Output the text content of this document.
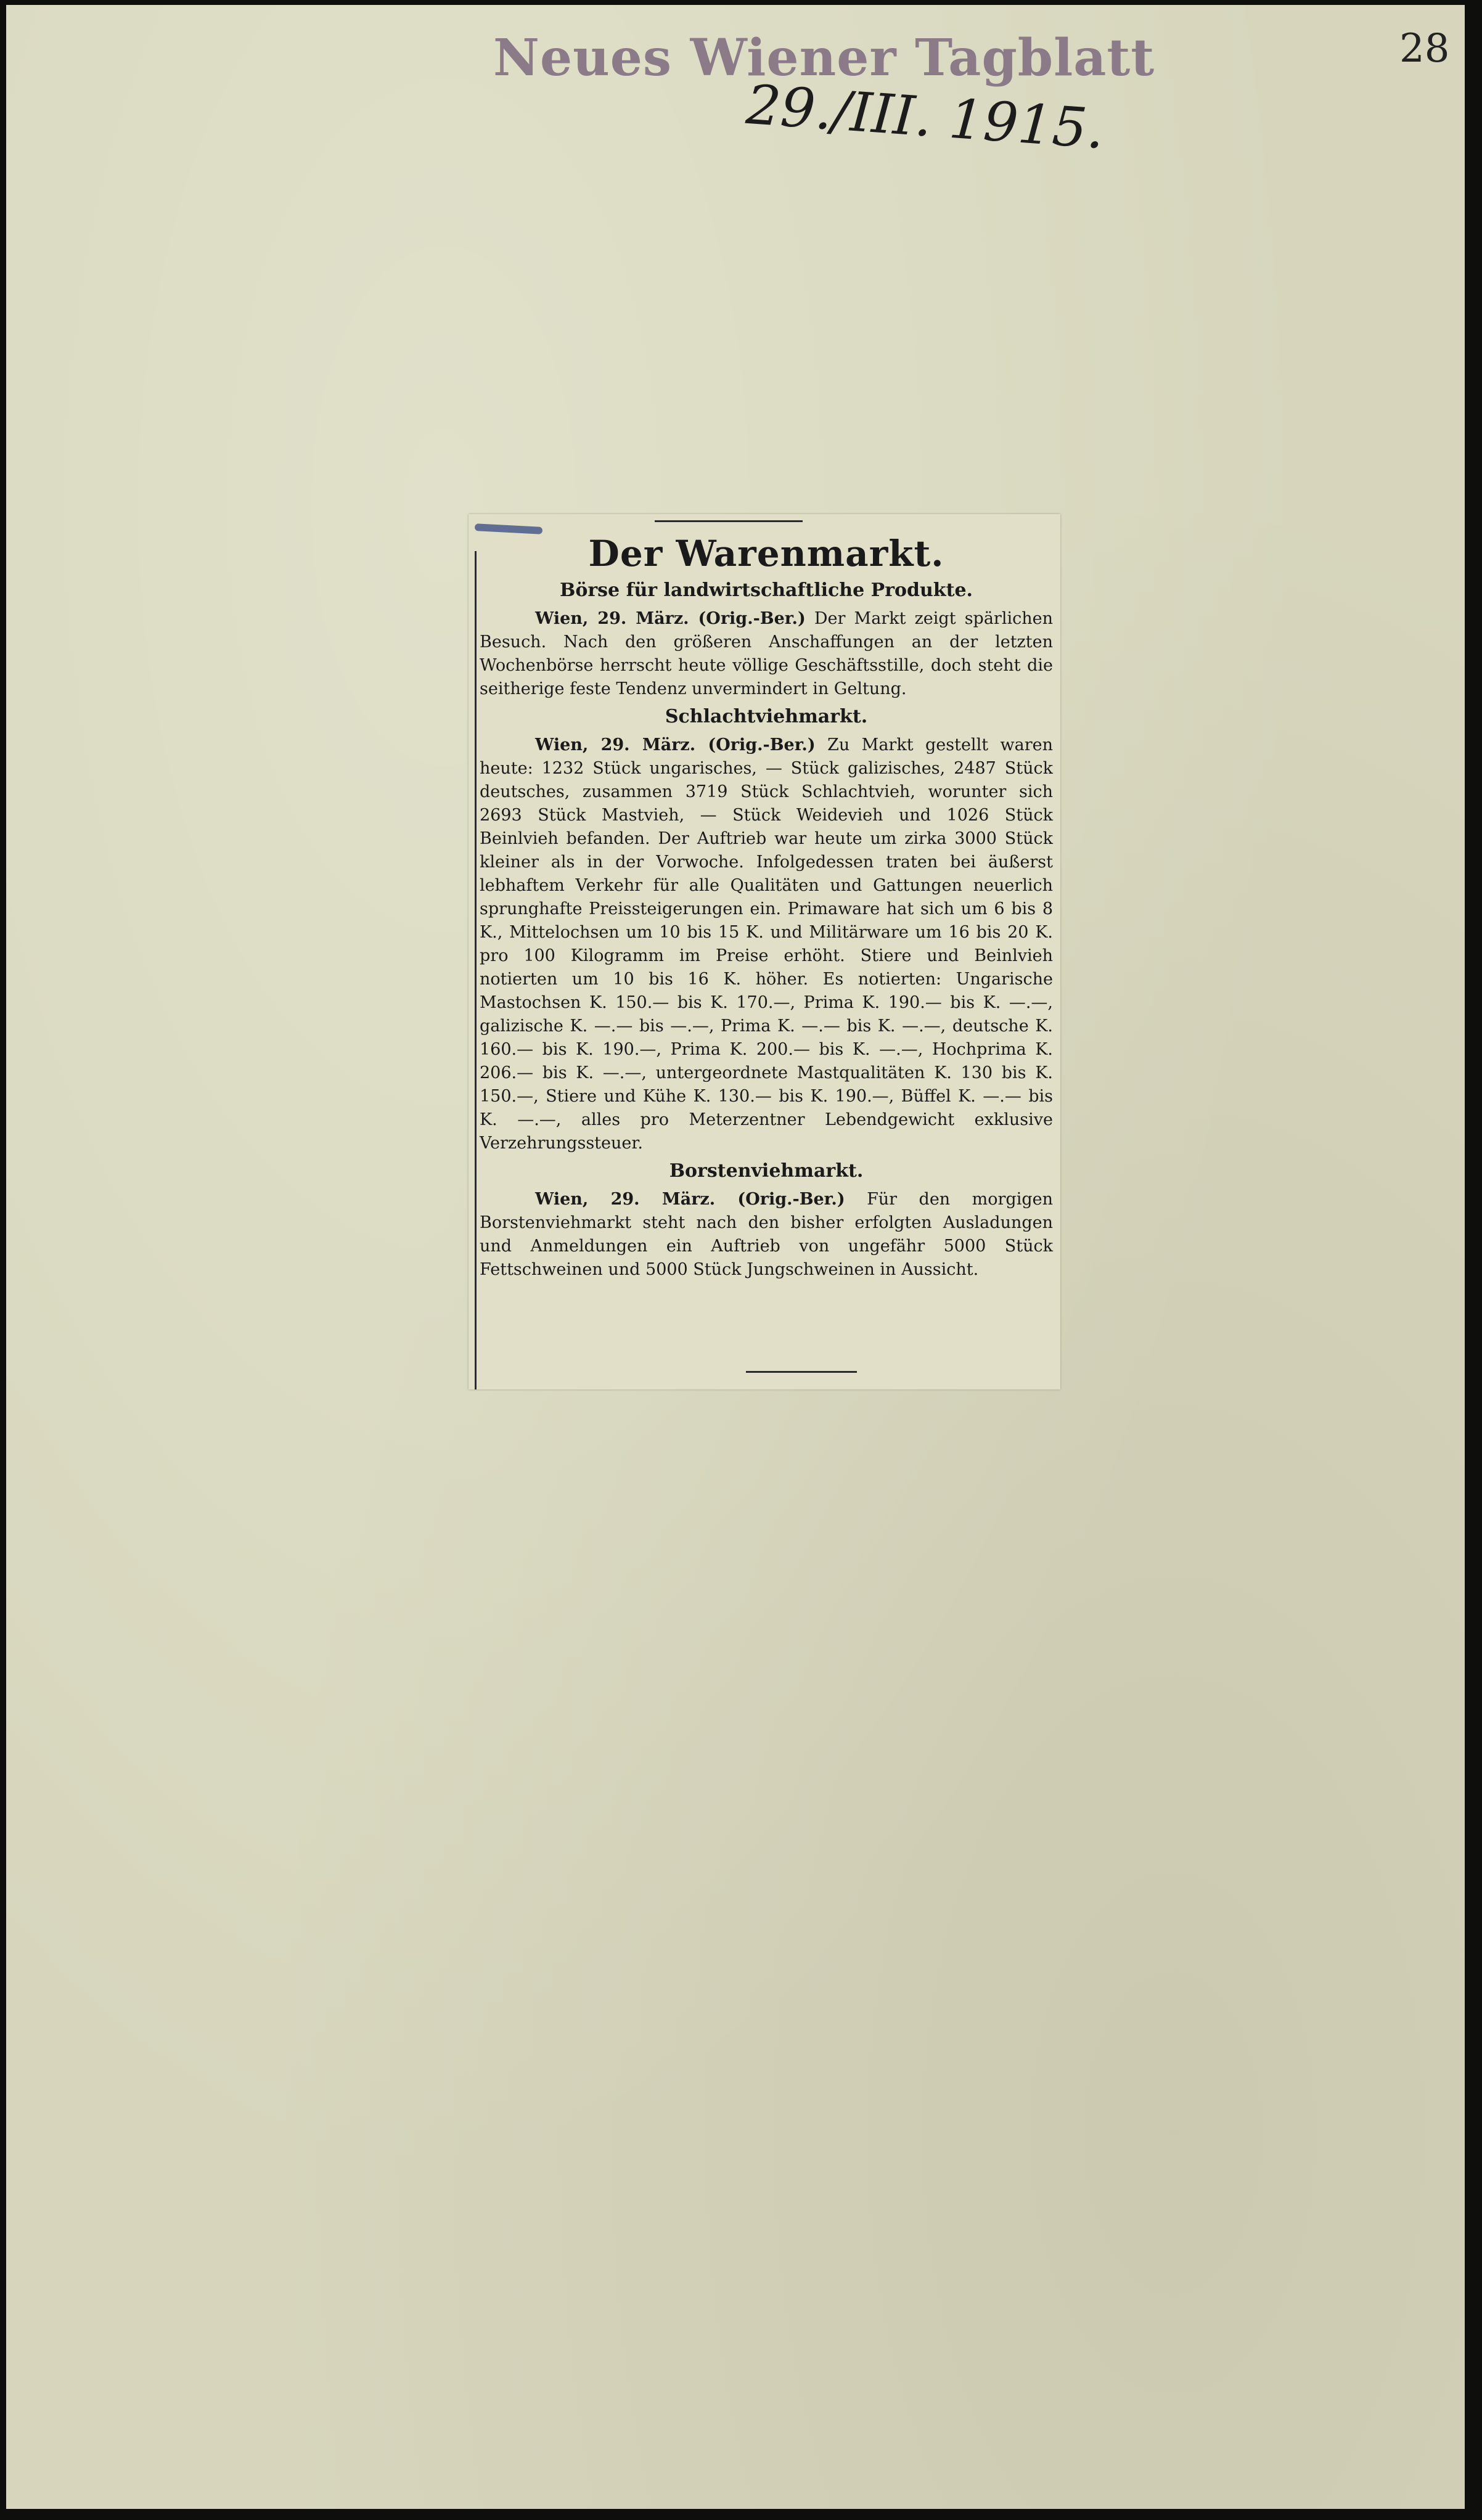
Neues Wiener Tagblatt	28
29./III. 1915.
Der Warenmarkt.
Börse für landwirtschaftliche Produkte.

Wien, 29. März. (Orig.-Ber.) Der Markt zeigt spärlichen Besuch. Nach den größeren Anschaffungen an der letzten Wochenbörse herrscht heute völlige Geschäftsstille, doch steht die seitherige feste Tendenz unvermindert in Geltung.

Schlachtviehmarkt.

Wien, 29. März. (Orig.-Ber.) Zu Markt gestellt waren heute: 1232 Stück ungarisches, — Stück galizisches, 2487 Stück deutsches, zusammen 3719 Stück Schlachtvieh, worunter sich 2693 Stück Mastvieh, — Stück Weidevieh und 1026 Stück Beinlvieh befanden. Der Auftrieb war heute um zirka 3000 Stück kleiner als in der Vorwoche. Infolgedessen traten bei äußerst lebhaftem Verkehr für alle Qualitäten und Gattungen neuerlich sprunghafte Preissteigerungen ein. Primaware hat sich um 6 bis 8 K., Mittelochsen um 10 bis 15 K. und Militärware um 16 bis 20 K. pro 100 Kilogramm im Preise erhöht. Stiere und Beinlvieh notierten um 10 bis 16 K. höher. Es notierten: Ungarische Mastochsen K. 150.— bis K. 170.—, Prima K. 190.— bis K. —.—, galizische K. —.— bis —.—, Prima K. —.— bis K. —.—, deutsche K. 160.— bis K. 190.—, Prima K. 200.— bis K. —.—, Hochprima K. 206.— bis K. —.—, untergeordnete Mastqualitäten K. 130 bis K. 150.—, Stiere und Kühe K. 130.— bis K. 190.—, Büffel K. —.— bis K. —.—, alles pro Meterzentner Lebendgewicht exklusive Verzehrungssteuer.

Borstenviehmarkt.

Wien, 29. März. (Orig.-Ber.) Für den morgigen Borstenviehmarkt steht nach den bisher erfolgten Ausladungen und Anmeldungen ein Auftrieb von ungefähr 5000 Stück Fettschweinen und 5000 Stück Jungschweinen in Aussicht.
